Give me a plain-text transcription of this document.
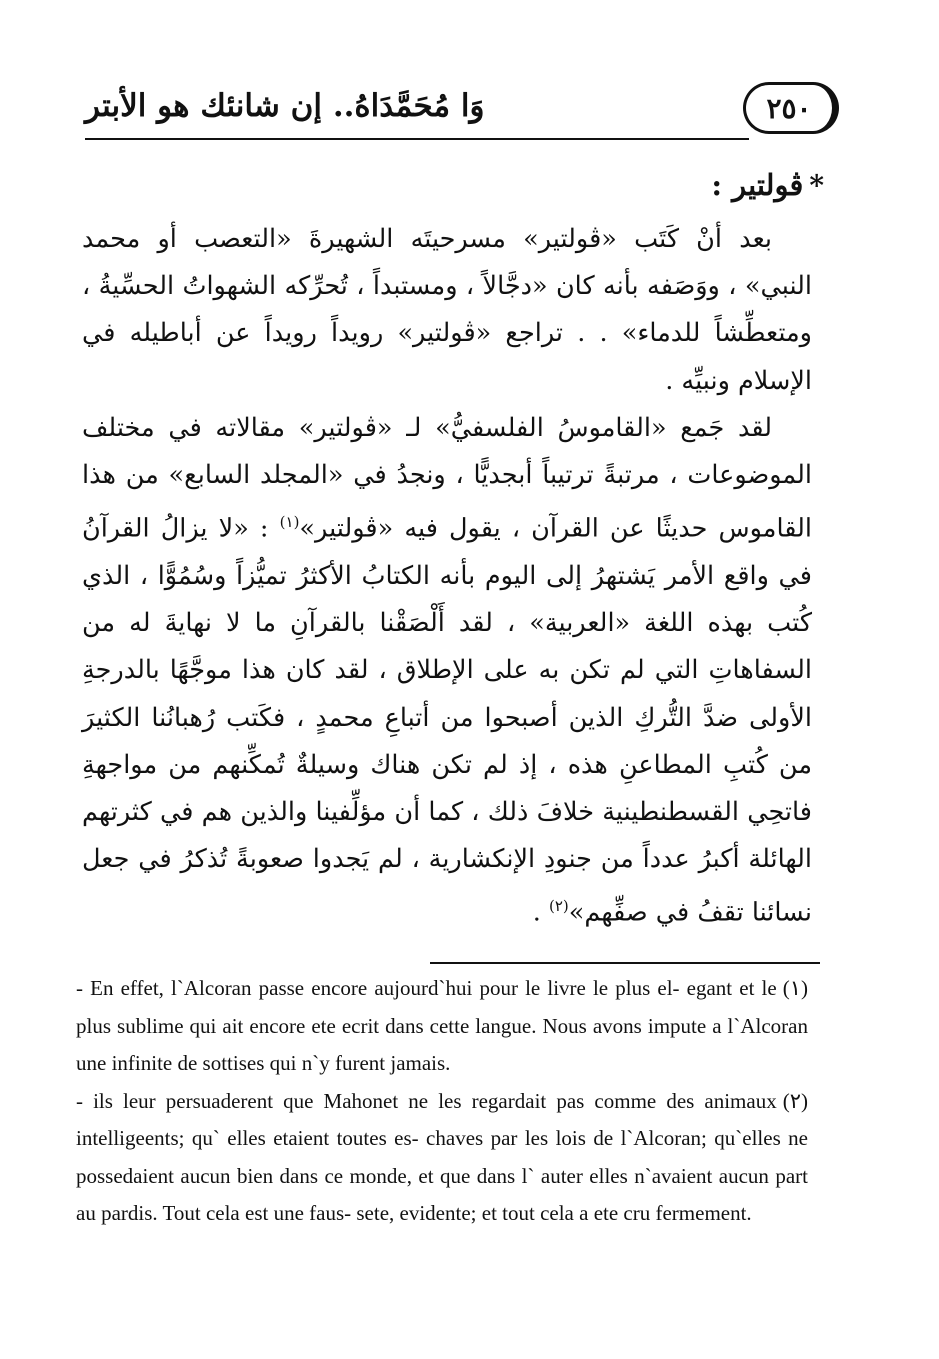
وَا مُحَمَّدَاهُ.. إن شانئك هو الأبتر	٢٥٠
*ڤولتير :

بعد أنْ كَتَب «ڤولتير» مسرحيتَه الشهيرةَ «التعصب أو محمد النبي» ، ووَصَفه بأنه كان «دجَّالاً ، ومستبداً ، تُحرِّكه الشهواتُ الحسِّيةُ ، ومتعطِّشاً للدماء» . . تراجع «ڤولتير» رويداً رويداً عن أباطيله في الإسلام ونبيِّه .

لقد جَمع «القاموسُ الفلسفيُّ» لـ «ڤولتير» مقالاته في مختلف الموضوعات ، مرتبةً ترتيباً أبجديًّا ، ونجدُ في «المجلد السابع» من هذا القاموس حديثًا عن القرآن ، يقول فيه «ڤولتير»$^{(١)}$ : «لا يزالُ القرآنُ في واقع الأمر يَشتهرُ إلى اليوم بأنه الكتابُ الأكثرُ تميُّزاً وسُمُوًّا ، الذي كُتب بهذه اللغة «العربية» ، لقد أَلْصَقْنا بالقرآنِ ما لا نهايةَ له من السفاهاتِ التي لم تكن به على الإطلاق ، لقد كان هذا موجَّهًا بالدرجةِ الأولى ضدَّ التُّركِ الذين أصبحوا من أتباعِ محمدٍ ، فكَتب رُهبانُنا الكثيرَ من كُتبِ المطاعنِ هذه ، إذ لم تكن هناك وسيلةٌ تُمكِّنهم من مواجهةِ فاتحِي القسطنطينية خلافَ ذلك ، كما أن مؤلِّفينا والذين هم في كثرتهم الهائلة أكبرُ عدداً من جنودِ الإنكشارية ، لم يَجدوا صعوبةً تُذكرُ في جعل نسائنا تقفُ في صفِّهم»$^{(٢)}$ .

(١)
- En effet, l`Alcoran passe encore aujourd`hui pour le livre le plus el- egant et le plus sublime qui ait encore ete ecrit dans cette langue. Nous avons impute a l`Alcoran une infinite de sottises qui n`y furent jamais.

(٢)
- ils leur persuaderent que Mahonet ne les regardait pas comme des animaux intelligeents; qu` elles etaient toutes es- chaves par les lois de l`Alcoran; qu`elles ne possedaient aucun bien dans ce monde, et que dans l` auter elles n`avaient aucun part au pardis. Tout cela est une faus- sete, evidente; et tout cela a ete cru fermement.
